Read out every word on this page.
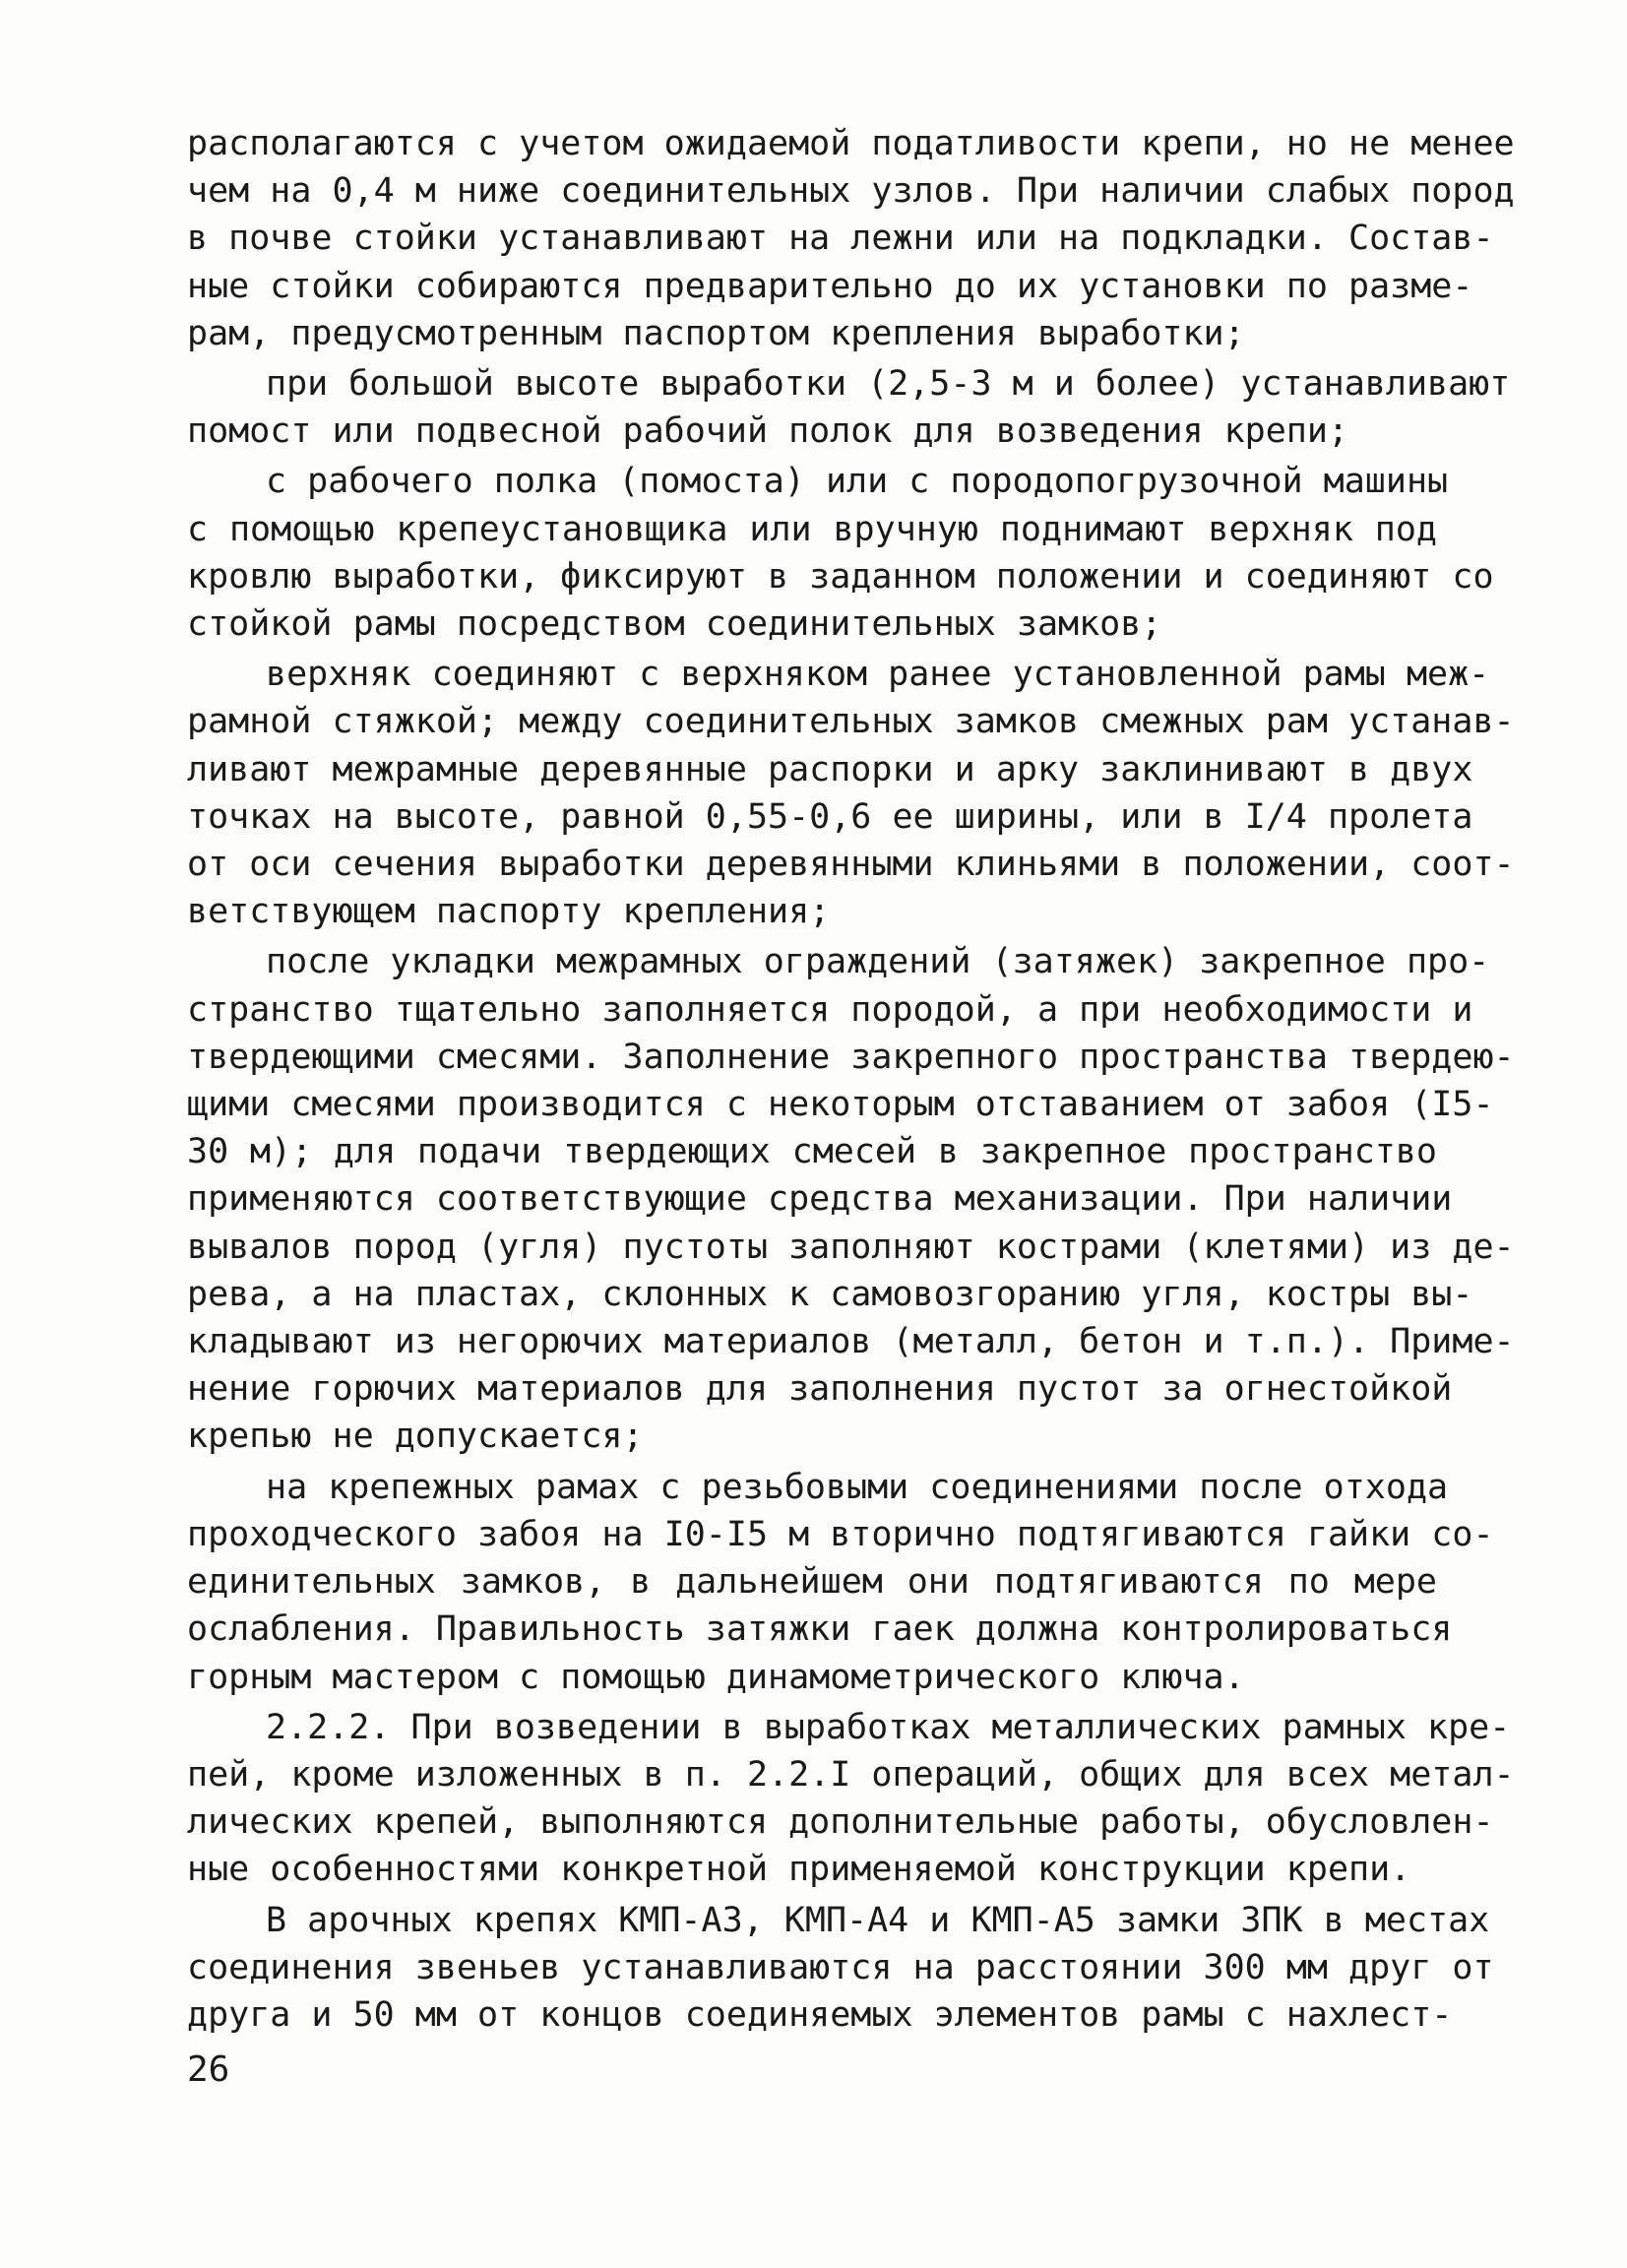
располагаются с учетом ожидаемой податливости крепи, но не менее
чем на 0,4 м ниже соединительных узлов. При наличии слабых пород
в почве стойки устанавливают на лежни или на подкладки. Состав-
ные стойки собираются предварительно до их установки по разме-
рам, предусмотренным паспортом крепления выработки;
при большой высоте выработки (2,5-3 м и более) устанавливают
помост или подвесной рабочий полок для возведения крепи;
с рабочего полка (помоста) или с породопогрузочной машины
с помощью крепеустановщика или вручную поднимают верхняк под
кровлю выработки, фиксируют в заданном положении и соединяют со
стойкой рамы посредством соединительных замков;
верхняк соединяют с верхняком ранее установленной рамы меж-
рамной стяжкой; между соединительных замков смежных рам устанав-
ливают межрамные деревянные распорки и арку заклинивают в двух
точках на высоте, равной 0,55-0,6 ее ширины, или в I/4 пролета
от оси сечения выработки деревянными клиньями в положении, соот-
ветствующем паспорту крепления;
после укладки межрамных ограждений (затяжек) закрепное про-
странство тщательно заполняется породой, а при необходимости и
твердеющими смесями. Заполнение закрепного пространства твердею-
щими смесями производится с некоторым отставанием от забоя (I5-
30 м); для подачи твердеющих смесей в закрепное пространство
применяются соответствующие средства механизации. При наличии
вывалов пород (угля) пустоты заполняют кострами (клетями) из де-
рева, а на пластах, склонных к самовозгоранию угля, костры вы-
кладывают из негорючих материалов (металл, бетон и т.п.). Приме-
нение горючих материалов для заполнения пустот за огнестойкой
крепью не допускается;
на крепежных рамах с резьбовыми соединениями после отхода
проходческого забоя на I0-I5 м вторично подтягиваются гайки со-
единительных замков, в дальнейшем они подтягиваются по мере
ослабления. Правильность затяжки гаек должна контролироваться
горным мастером с помощью динамометрического ключа.
2.2.2. При возведении в выработках металлических рамных кре-
пей, кроме изложенных в п. 2.2.I операций, общих для всех метал-
лических крепей, выполняются дополнительные работы, обусловлен-
ные особенностями конкретной применяемой конструкции крепи.
В арочных крепях КМП-А3, КМП-А4 и КМП-А5 замки ЗПК в местах
соединения звеньев устанавливаются на расстоянии 300 мм друг от
друга и 50 мм от концов соединяемых элементов рамы с нахлест-
26
